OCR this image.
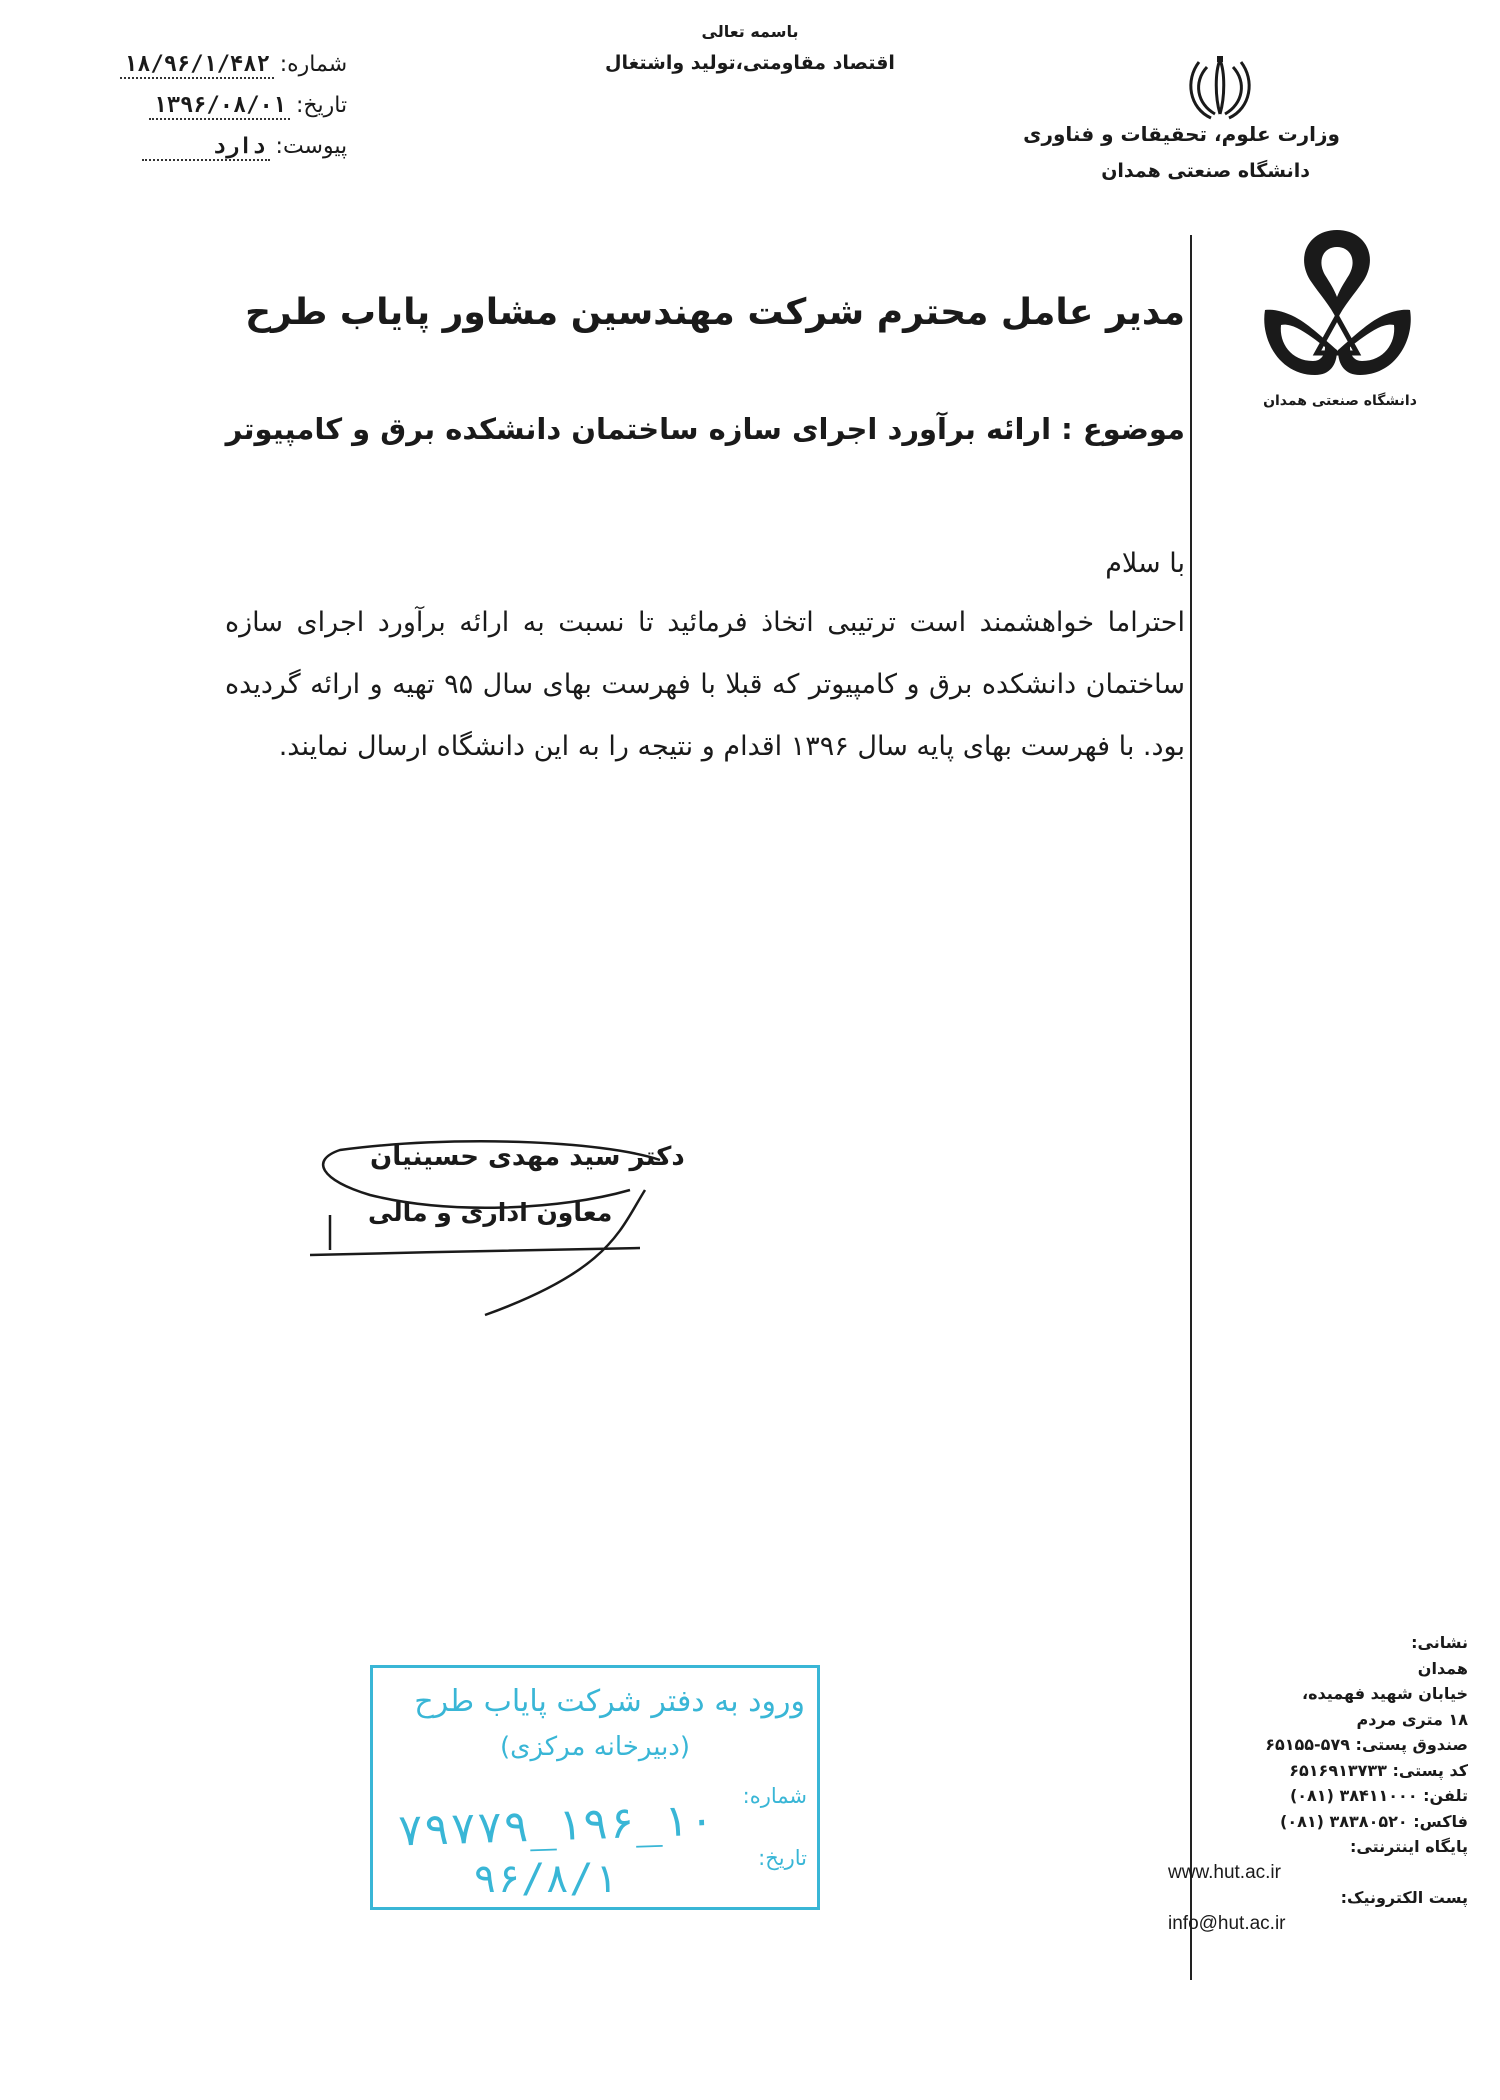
باسمه تعالی
اقتصاد مقاومتی،تولید واشتغال
وزارت علوم، تحقیقات و فناوری
دانشگاه صنعتی همدان
شماره:
۱۸/۹۶/۱/۴۸۲
تاریخ:
۱۳۹۶/۰۸/۰۱
پیوست:
دارد
دانشگاه صنعتی همدان
مدیر عامل محترم شرکت مهندسین مشاور پایاب طرح
موضوع : ارائه برآورد اجرای سازه ساختمان دانشکده برق و کامپیوتر
با سلام
احتراما خواهشمند است ترتیبی اتخاذ فرمائید تا نسبت به ارائه برآورد اجرای سازه ساختمان دانشکده برق و کامپیوتر که قبلا با فهرست بهای سال ۹۵ تهیه و ارائه گردیده بود. با فهرست بهای پایه سال ۱۳۹۶ اقدام و نتیجه را به این دانشگاه ارسال نمایند.
دکتر سید مهدی حسینیان
معاون اداری و مالی
ورود به دفتر شرکت پایاب طرح
(دبیرخانه مرکزی)
شماره:
۱۰_۱۹۶_۷۹۷۷۹
تاریخ:
۹۶/۸/۱
نشانی:
همدان
خیابان شهید فهمیده،
۱۸ متری مردم
صندوق پستی: ۵۷۹-۶۵۱۵۵
کد پستی: ۶۵۱۶۹۱۳۷۳۳
تلفن: ۳۸۴۱۱۰۰۰ (۰۸۱)
فاکس: ۳۸۳۸۰۵۲۰ (۰۸۱)
پایگاه اینترنتی:
www.hut.ac.ir
پست الکترونیک:
info@hut.ac.ir
